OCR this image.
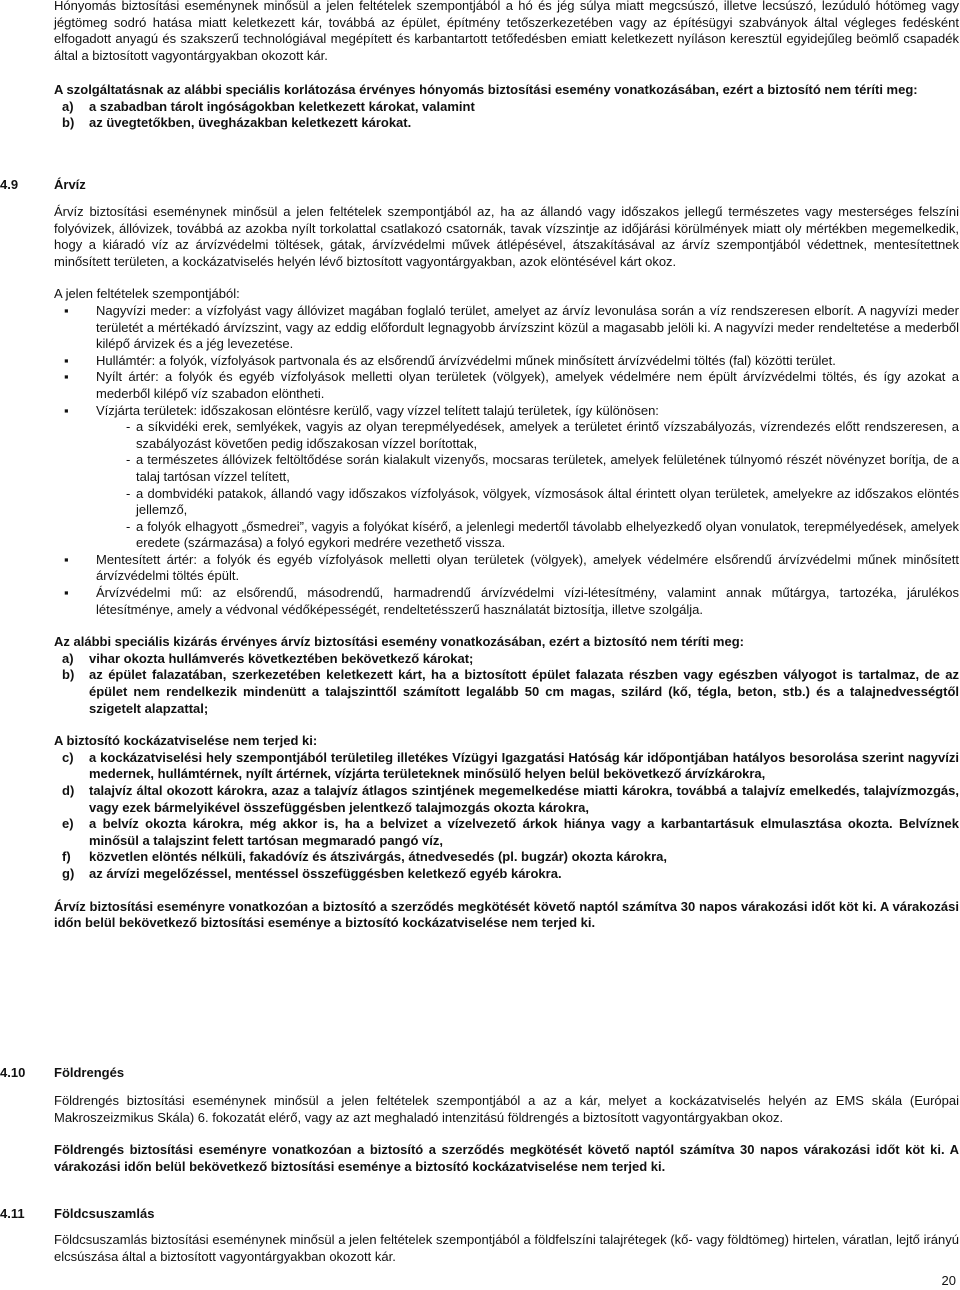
Hónyomás biztosítási eseménynek minősül a jelen feltételek szempontjából a hó és jég súlya miatt megcsúszó, illetve lecsúszó, lezúduló hótömeg vagy jégtömeg sodró hatása miatt keletkezett kár, továbbá az épület, építmény tetőszerkezetében vagy az építésügyi szabványok által végleges fedésként elfogadott anyagú és szakszerű technológiával megépített és karbantartott tetőfedésben emiatt keletkezett nyíláson keresztül egyidejűleg beömlő csapadék által a biztosított vagyontárgyakban okozott kár.
A szolgáltatásnak az alábbi speciális korlátozása érvényes hónyomás biztosítási esemény vonatkozásában, ezért a biztosító nem téríti meg:
a)	a szabadban tárolt ingóságokban keletkezett károkat, valamint
b)	az üvegtetőkben, üvegházakban keletkezett károkat.
4.9	Árvíz
Árvíz biztosítási eseménynek minősül a jelen feltételek szempontjából az, ha az állandó vagy időszakos jellegű természetes vagy mesterséges felszíni folyóvizek, állóvizek, továbbá az azokba nyílt torkolattal csatlakozó csatornák, tavak vízszintje az időjárási körülmények miatt oly mértékben megemelkedik, hogy a kiáradó víz az árvízvédelmi töltések, gátak, árvízvédelmi művek átlépésével, átszakításával az árvíz szempontjából védettnek, mentesítettnek minősített területen, a kockázatviselés helyén lévő biztosított vagyontárgyakban, azok elöntésével kárt okoz.
A jelen feltételek szempontjából:
▪	Nagyvízi meder: a vízfolyást vagy állóvizet magában foglaló terület, amelyet az árvíz levonulása során a víz rendszeresen elborít. A nagyvízi meder területét a mértékadó árvízszint, vagy az eddig előfordult legnagyobb árvízszint közül a magasabb jelöli ki. A nagyvízi meder rendeltetése a mederből kilépő árvizek és a jég levezetése.
▪	Hullámtér: a folyók, vízfolyások partvonala és az elsőrendű árvízvédelmi műnek minősített árvízvédelmi töltés (fal) közötti terület.
▪	Nyílt ártér: a folyók és egyéb vízfolyások melletti olyan területek (völgyek), amelyek védelmére nem épült árvízvédelmi töltés, és így azokat a mederből kilépő víz szabadon elöntheti.
▪	Vízjárta területek: időszakosan elöntésre kerülő, vagy vízzel telített talajú területek, így különösen:
- a síkvidéki erek, semlyékek, vagyis az olyan terepmélyedések, amelyek a területet érintő vízszabályozás, vízrendezés előtt rendszeresen, a szabályozást követően pedig időszakosan vízzel borítottak,
- a természetes állóvizek feltöltődése során kialakult vizenyős, mocsaras területek, amelyek felületének túlnyomó részét növényzet borítja, de a talaj tartósan vízzel telített,
- a dombvidéki patakok, állandó vagy időszakos vízfolyások, völgyek, vízmosások által érintett olyan területek, amelyekre az időszakos elöntés jellemző,
- a folyók elhagyott „ősmedrei”, vagyis a folyókat kísérő, a jelenlegi medertől távolabb elhelyezkedő olyan vonulatok, terepmélyedések, amelyek eredete (származása) a folyó egykori medrére vezethető vissza.
▪	Mentesített ártér: a folyók és egyéb vízfolyások melletti olyan területek (völgyek), amelyek védelmére elsőrendű árvízvédelmi műnek minősített árvízvédelmi töltés épült.
▪	Árvízvédelmi mű: az elsőrendű, másodrendű, harmadrendű árvízvédelmi vízi-létesítmény, valamint annak műtárgya, tartozéka, járulékos létesítménye, amely a védvonal védőképességét, rendeltetésszerű használatát biztosítja, illetve szolgálja.
Az alábbi speciális kizárás érvényes árvíz biztosítási esemény vonatkozásában, ezért a biztosító nem téríti meg:
a)	vihar okozta hullámverés következtében bekövetkező károkat;
b)	az épület falazatában, szerkezetében keletkezett kárt, ha a biztosított épület falazata részben vagy egészben vályogot is tartalmaz, de az épület nem rendelkezik mindenütt a talajszinttől számított legalább 50 cm magas, szilárd (kő, tégla, beton, stb.) és a talajnedvességtől szigetelt alapzattal;
A biztosító kockázatviselése nem terjed ki:
c)	a kockázatviselési hely szempontjából területileg illetékes Vízügyi Igazgatási Hatóság kár időpontjában hatályos besorolása szerint nagyvízi medernek, hullámtérnek, nyílt ártérnek, vízjárta területeknek minősülő helyen belül bekövetkező árvízkárokra,
d)	talajvíz által okozott károkra, azaz a talajvíz átlagos szintjének megemelkedése miatti károkra, továbbá a talajvíz emelkedés, talajvízmozgás, vagy ezek bármelyikével összefüggésben jelentkező talajmozgás okozta károkra,
e)	a belvíz okozta károkra, még akkor is, ha a belvizet a vízelvezető árkok hiánya vagy a karbantartásuk elmulasztása okozta. Belvíznek minősül a talajszint felett tartósan megmaradó pangó víz,
f)	közvetlen elöntés nélküli, fakadóvíz és átszivárgás, átnedvesedés (pl. bugzár) okozta károkra,
g)	az árvízi megelőzéssel, mentéssel összefüggésben keletkező egyéb károkra.
Árvíz biztosítási eseményre vonatkozóan a biztosító a szerződés megkötését követő naptól számítva 30 napos várakozási időt köt ki. A várakozási időn belül bekövetkező biztosítási eseménye a biztosító kockázatviselése nem terjed ki.
4.10	Földrengés
Földrengés biztosítási eseménynek minősül a jelen feltételek szempontjából a az a kár, melyet a kockázatviselés helyén az EMS skála (Európai Makroszeizmikus Skála) 6. fokozatát elérő, vagy az azt meghaladó intenzitású földrengés a biztosított vagyontárgyakban okoz.
Földrengés biztosítási eseményre vonatkozóan a biztosító a szerződés megkötését követő naptól számítva 30 napos várakozási időt köt ki. A várakozási időn belül bekövetkező biztosítási eseménye a biztosító kockázatviselése nem terjed ki.
4.11	Földcsuszamlás
Földcsuszamlás biztosítási eseménynek minősül a jelen feltételek szempontjából a földfelszíni talajrétegek (kő- vagy földtömeg) hirtelen, váratlan, lejtő irányú elcsúszása által a biztosított vagyontárgyakban okozott kár.
20
